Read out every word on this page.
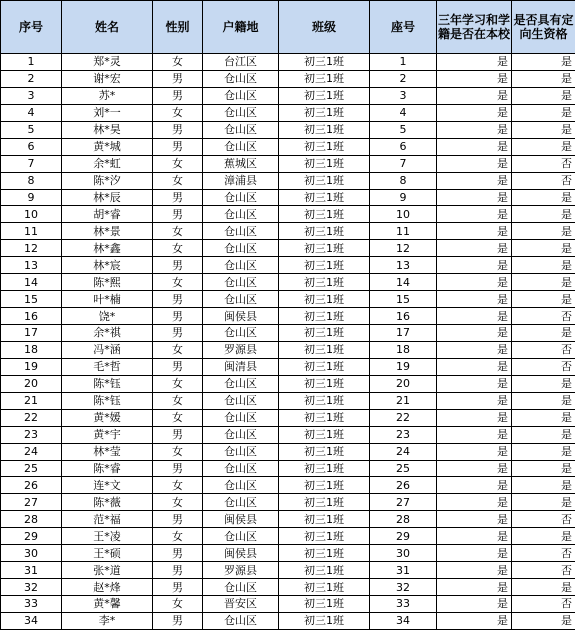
序号	姓名	性别	户籍地	班级	座号	三年学习和学籍是否在本校	是否具有定向生资格
1	郑*灵	女	台江区	初三1班	1	是	是
2	谢*宏	男	仓山区	初三1班	2	是	是
3	苏*	男	仓山区	初三1班	3	是	是
4	刘*一	女	仓山区	初三1班	4	是	是
5	林*昊	男	仓山区	初三1班	5	是	是
6	黄*城	男	仓山区	初三1班	6	是	是
7	余*虹	女	蕉城区	初三1班	7	是	否
8	陈*汐	女	漳浦县	初三1班	8	是	否
9	林*辰	男	仓山区	初三1班	9	是	是
10	胡*睿	男	仓山区	初三1班	10	是	是
11	林*景	女	仓山区	初三1班	11	是	是
12	林*鑫	女	仓山区	初三1班	12	是	是
13	林*宸	男	仓山区	初三1班	13	是	是
14	陈*熙	女	仓山区	初三1班	14	是	是
15	叶*楠	男	仓山区	初三1班	15	是	是
16	饶*	男	闽侯县	初三1班	16	是	否
17	余*祺	男	仓山区	初三1班	17	是	是
18	冯*涵	女	罗源县	初三1班	18	是	否
19	毛*哲	男	闽清县	初三1班	19	是	否
20	陈*钰	女	仓山区	初三1班	20	是	是
21	陈*钰	女	仓山区	初三1班	21	是	是
22	黄*媛	女	仓山区	初三1班	22	是	是
23	黄*宇	男	仓山区	初三1班	23	是	是
24	林*莹	女	仓山区	初三1班	24	是	是
25	陈*睿	男	仓山区	初三1班	25	是	是
26	连*文	女	仓山区	初三1班	26	是	是
27	陈*薇	女	仓山区	初三1班	27	是	是
28	范*福	男	闽侯县	初三1班	28	是	否
29	王*凌	女	仓山区	初三1班	29	是	是
30	王*硕	男	闽侯县	初三1班	30	是	否
31	张*道	男	罗源县	初三1班	31	是	否
32	赵*烽	男	仓山区	初三1班	32	是	是
33	黄*馨	女	晋安区	初三1班	33	是	否
34	李*	男	仓山区	初三1班	34	是	是
